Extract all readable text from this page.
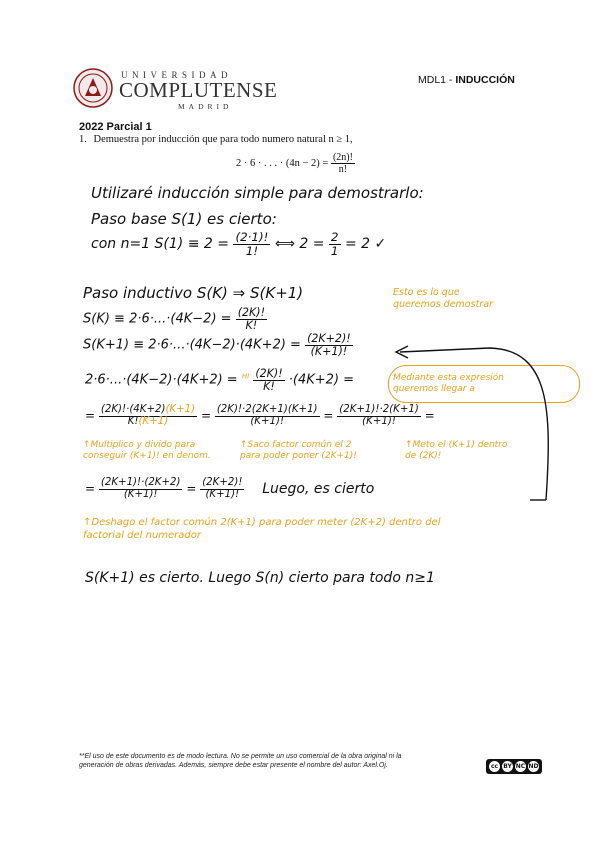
UNIVERSIDAD
COMPLUTENSE
MADRID
MDL1 - INDUCCIÓN
2022 Parcial 1
1. Demuestra por inducción que para todo numero natural n ≥ 1,
2 · 6 · . . . · $(4n - 2) = \frac{(2n)!}{n!}$
Utilizaré inducción simple para demostrarlo:
Paso base S(1) es cierto:
con n=1 $S(1) \equiv 2 = \frac{(2\cdot 1)!}{1!}$ ⟺ $2 = \frac{2}{1} = 2$ ✓
Paso inductivo S(K) ⇒ S(K+1)
$S(K) \equiv 2\cdot 6\cdot...\cdot(4K-2) = \frac{(2K)!}{K!}$
$S(K+1) \equiv 2\cdot 6\cdot...\cdot(4K-2)\cdot(4K+2) = \frac{(2K+2)!}{(K+1)!}$
$2\cdot 6\cdot...\cdot(4K-2)\cdot(4K+2) = ^{HI} \frac{(2K)!}{K!} \cdot(4K+2)$ =
= $\frac{(2K)!\cdot(4K+2)(K+1)}{K!(K+1)} = \frac{(2K)!\cdot 2(2K+1)(K+1)}{(K+1)!} = \frac{(2K+1)!\cdot 2(K+1)}{(K+1)!}$ =
= $\frac{(2K+1)!\cdot(2K+2)}{(K+1)!} = \frac{(2K+2)!}{(K+1)!}$ Luego, es cierto
S(K+1) es cierto. Luego S(n) cierto para todo n≥1
Esto es lo que
queremos demostrar
Mediante esta expresión
queremos llegar a
↑Multiplico y divido para
conseguir (K+1)! en denom.
↑Saco factor común el 2
para poder poner (2K+1)!
↑Meto el (K+1) dentro
de (2K)!
↑Deshago el factor común 2(K+1) para poder meter (2K+2) dentro del
factorial del numerador
**El uso de este documento es de modo lectura. No se permite un uso comercial de la obra original ni la
generación de obras derivadas. Además, siempre debe estar presente el nombre del autor: Axel.Oj.	cc BY NC ND
